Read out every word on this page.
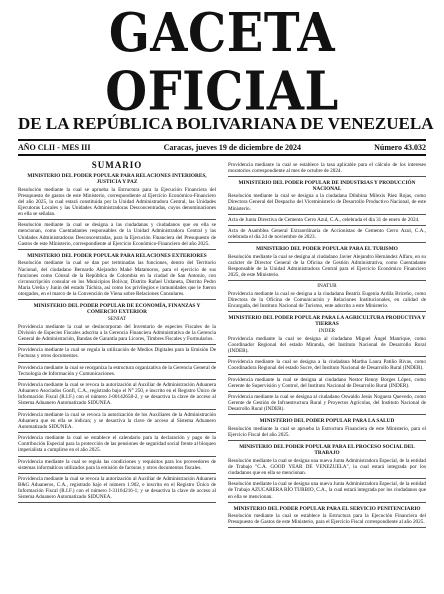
GACETA OFICIAL
DE LA REPÚBLICA BOLIVARIANA DE VENEZUELA
AÑO CLII - MES III	Caracas, jueves 19 de diciembre de 2024	Número 43.032
SUMARIO
MINISTERIO DEL PODER POPULAR PARA RELACIONES INTERIORES, JUSTICIA Y PAZ
Resolución mediante la cual se aprueba la Estructura para la Ejecución Financiera del Presupuesto de gastos de este Ministerio, correspondiente al Ejercicio Económico-Financiero del año 2025, la cual estará constituida por la Unidad Administradora Central, las Unidades Ejecutoras Locales y las Unidades Administradoras Desconcentradas, cuyos denominaciones en ella se señalan.
Resolución mediante la cual se designa a las ciudadanas y ciudadanos que en ella se mencionan, como Cuentadantes responsables de la Unidad Administradora Central y las Unidades Administradoras Desconcentradas, para la Ejecución Financiera del Presupuesto de Gastos de este Ministerio, correspondiente al Ejercicio Económico-Financiero del año 2025.
MINISTERIO DEL PODER POPULAR PARA RELACIONES EXTERIORES
Resolución mediante la cual se dan por terminadas las funciones, dentro del Territorio Nacional, del ciudadano Bernardo Alejandro Mahé Matamoros, para el ejercicio de sus funciones como Cónsul de la República de Colombia en la ciudad de San Antonio, con circunscripción consular en los Municipios Bolívar, Distrito Rafael Urdaneta, Distrito Pedro María Ureña y Junín del estado Táchira, así como los privilegios e inmunidades que le fueron otorgados, en el marco de la Convención de Viena sobre Relaciones Consulares.
MINISTERIO DEL PODER POPULAR DE ECONOMÍA, FINANZAS Y COMERCIO EXTERIOR
SENIAT
Providencia mediante la cual se desincorporan del Inventario de especies Fiscales de la División de Especies Fiscales adscrita a la Gerencia Financiera Administrativa de la Gerencia General de Administración, Bandas de Garantía para Licores, Timbres Fiscales y Formularios.
Providencia mediante la cual se regula la utilización de Medios Digitales para la Emisión De Facturas y otros documentos.
Providencia mediante la cual se reorganiza la estructura organizativa de la Gerencia General de Tecnología de Información y Comunicaciones.
Providencia mediante la cual se revoca la autorización al Auxiliar de Administración Aduanera Aduanero Asociados Gonfi, C.A., registrado bajo el N° 250, e inscrito en el Registro Único de Información Fiscal (R.I.F.) con el número J-00142658-2, y se desactiva la clave de acceso al Sistema Aduanero Automatizado SIDUNEA.
Providencia mediante la cual se revoca la autorización de los Auxiliares de la Administración Aduanera que en ella se indican; y se desactiva la clave de acceso al Sistema Aduanero Automatizado SIDUNEA.
Providencia mediante la cual se establece el calendario para la declaración y pago de la Contribución Especial para la protección de las pensiones de seguridad social frente al bloqueo imperialista a cumplirse en el año 2025.
Providencia mediante la cual se regula las condiciones y requisitos para los proveedores de sistemas informáticos utilizados para la emisión de facturas y otros documentos fiscales.
Providencia mediante la cual se revoca la autorización al Auxiliar de Administración Aduanera B&G Aduaneros, C.A., registrado bajo el número 1.902, e inscrito en el Registro Único de Información Fiscal (R.I.F.) con el número J-31164216-1; y se desactiva la clave de acceso al Sistema Aduanero Automatizado SIDUNEA.
Providencia mediante la cual se establece la tasa aplicable para el cálculo de los intereses moratorios correspondiente al mes de octubre de 2024.
MINISTERIO DEL PODER POPULAR DE INDUSTRIAS Y PRODUCCIÓN NACIONAL
Resolución mediante la cual se designa a la ciudadana Dilubina Milexis Páez Rojas, como Directora General del Despacho del Viceministerio de Desarrollo Productivo Nacional, de este Ministerio.
Acta de Junta Directiva de Cemento Cerro Azul, C.A., celebrada el día 31 de enero de 2024.
Acta de Asamblea General Extraordinaria de Accionistas de Cemento Cerro Azul, C.A., celebrada el día 24 de noviembre de 2023.
MINISTERIO DEL PODER POPULAR PARA EL TURISMO
Resolución mediante la cual se designa al ciudadano Javier Alejandro Hernández Alfaro, en su carácter de Director General de la Oficina de Gestión Administrativa, como Cuentadante Responsable de la Unidad Administradora Central para el Ejercicio Económico Financiero 2025, de este Ministerio.
INATUR
Providencia mediante la cual se designa a la ciudadana Beatriz Eugenia Ardila Briceño, como Directora de la Oficina de Comunicación y Relaciones Institucionales, en calidad de Encargada, del Instituto Nacional de Turismo, ente adscrito a este Ministerio.
MINISTERIO DEL PODER POPULAR PARA LA AGRICULTURA PRODUCTIVA Y TIERRAS
INDER
Providencia mediante la cual se designa al ciudadano Miguel Ángel Manrique, como Coordinador Regional del estado Miranda, del Instituto Nacional de Desarrollo Rural (INDER).
Providencia mediante la cual se designa a la ciudadana Martha Laura Patiño Rivas, como Coordinadora Regional del estado Sucre, del Instituto Nacional de Desarrollo Rural (INDER).
Providencia mediante la cual se designa al ciudadano Nestor Renny Borges López, como Gerente de Supervisión y Control, del Instituto Nacional de Desarrollo Rural (INDER).
Providencia mediante la cual se designa al ciudadano Oswaldo Jesús Noguera Quevedo, como Gerente de Gestión de Infraestructura Rural y Proyectos Agrícolas, del Instituto Nacional de Desarrollo Rural (INDER).
MINISTERIO DEL PODER POPULAR PARA LA SALUD
Resolución mediante la cual se aprueba la Estructura Financiera de este Ministerio, para el Ejercicio Fiscal del año 2025.
MINISTERIO DEL PODER POPULAR PARA EL PROCESO SOCIAL DEL TRABAJO
Resolución mediante la cual se designa una nueva Junta Administradora Especial, de la entidad de Trabajo "C.A. GOOD YEAR DE VENEZUELA", la cual estará integrada por los ciudadanos que en ella se mencionan.
Resolución mediante la cual se designa una nueva Junta Administradora Especial, de la entidad de Trabajo AZUCARERA RÍO TURBIO, C.A., la cual estará integrada por los ciudadanos que en ella se mencionan.
MINISTERIO DEL PODER POPULAR PARA EL SERVICIO PENITENCIARIO
Resolución mediante la cual se establece la Estructura para la Ejecución Financiera del Presupuesto de Gastos de este Ministerio, para el Ejercicio Fiscal correspondiente al año 2025.
